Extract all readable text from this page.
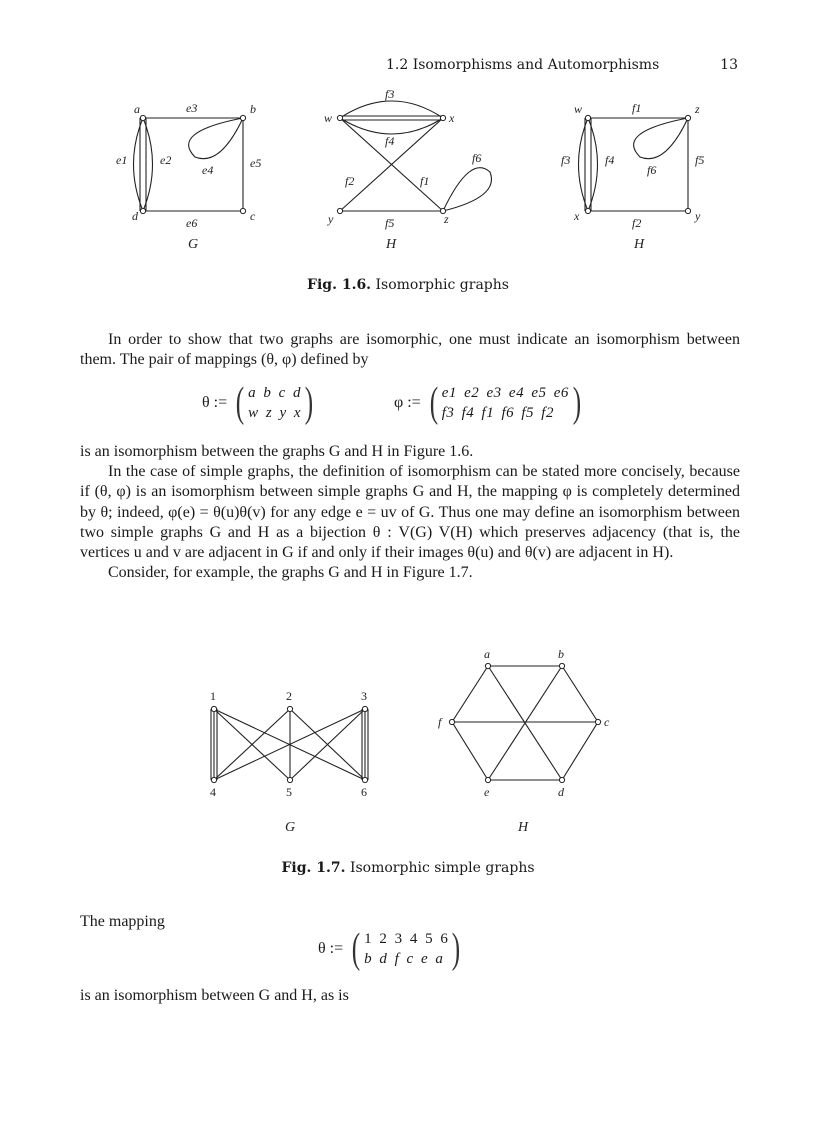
1.2 Isomorphisms and Automorphisms	13
a	b
c
d
e1	e2
e3
e4	e5
e6
G
w	x
y	z
f1
f2
f3
f4
f5
f6
H
w	z
x	y
f1
f2
f3	f4	f5
f6
H
Fig. 1.6. Isomorphic graphs

In order to show that two graphs are isomorphic, one must indicate an isomorphism between them. The pair of mappings (θ, φ) defined by

θ := ( a b c d
w z y x )	φ := ( e1 e2 e3 e4 e5 e6
f3 f4 f1 f6 f5 f2 )

is an isomorphism between the graphs G and H in Figure 1.6.

In the case of simple graphs, the definition of isomorphism can be stated more concisely, because if (θ, φ) is an isomorphism between simple graphs G and H, the mapping φ is completely determined by θ; indeed, φ(e) = θ(u)θ(v) for any edge e = uv of G. Thus one may define an isomorphism between two simple graphs G and H as a bijection θ : V(G) V(H) which preserves adjacency (that is, the vertices u and v are adjacent in G if and only if their images θ(u) and θ(v) are adjacent in H).

Consider, for example, the graphs G and H in Figure 1.7.

1	2	3
4	5	6
a	b
c
d
e
f
G	H
Fig. 1.7. Isomorphic simple graphs

The mapping

θ := ( 1 2 3 4 5 6
b d f c e a )

is an isomorphism between G and H, as is
